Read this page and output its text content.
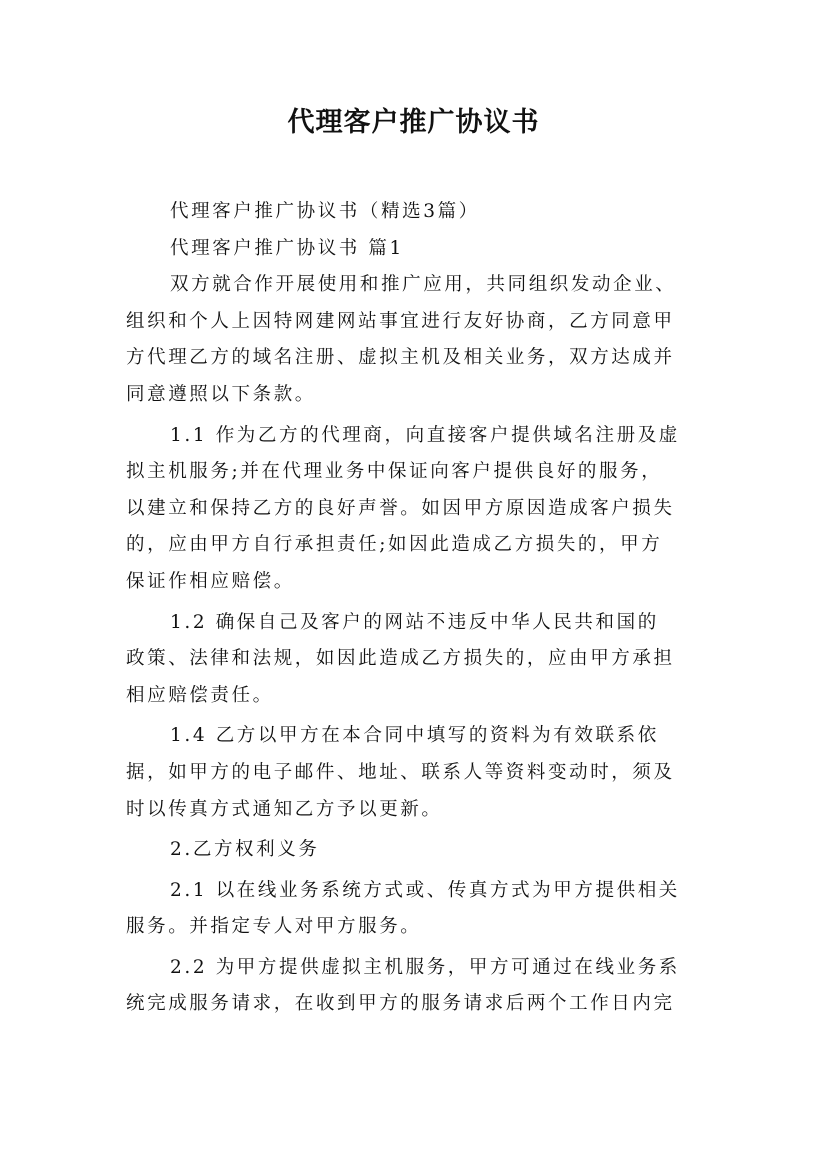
代理客户推广协议书
代理客户推广协议书（精选3篇）
代理客户推广协议书 篇1
双方就合作开展使用和推广应用，共同组织发动企业、
组织和个人上因特网建网站事宜进行友好协商，乙方同意甲
方代理乙方的域名注册、虚拟主机及相关业务，双方达成并
同意遵照以下条款。
1.1 作为乙方的代理商，向直接客户提供域名注册及虚
拟主机服务;并在代理业务中保证向客户提供良好的服务，
以建立和保持乙方的良好声誉。如因甲方原因造成客户损失
的，应由甲方自行承担责任;如因此造成乙方损失的，甲方
保证作相应赔偿。
1.2 确保自己及客户的网站不违反中华人民共和国的
政策、法律和法规，如因此造成乙方损失的，应由甲方承担
相应赔偿责任。
1.4 乙方以甲方在本合同中填写的资料为有效联系依
据，如甲方的电子邮件、地址、联系人等资料变动时，须及
时以传真方式通知乙方予以更新。
2.乙方权利义务
2.1 以在线业务系统方式或、传真方式为甲方提供相关
服务。并指定专人对甲方服务。
2.2 为甲方提供虚拟主机服务，甲方可通过在线业务系
统完成服务请求，在收到甲方的服务请求后两个工作日内完
